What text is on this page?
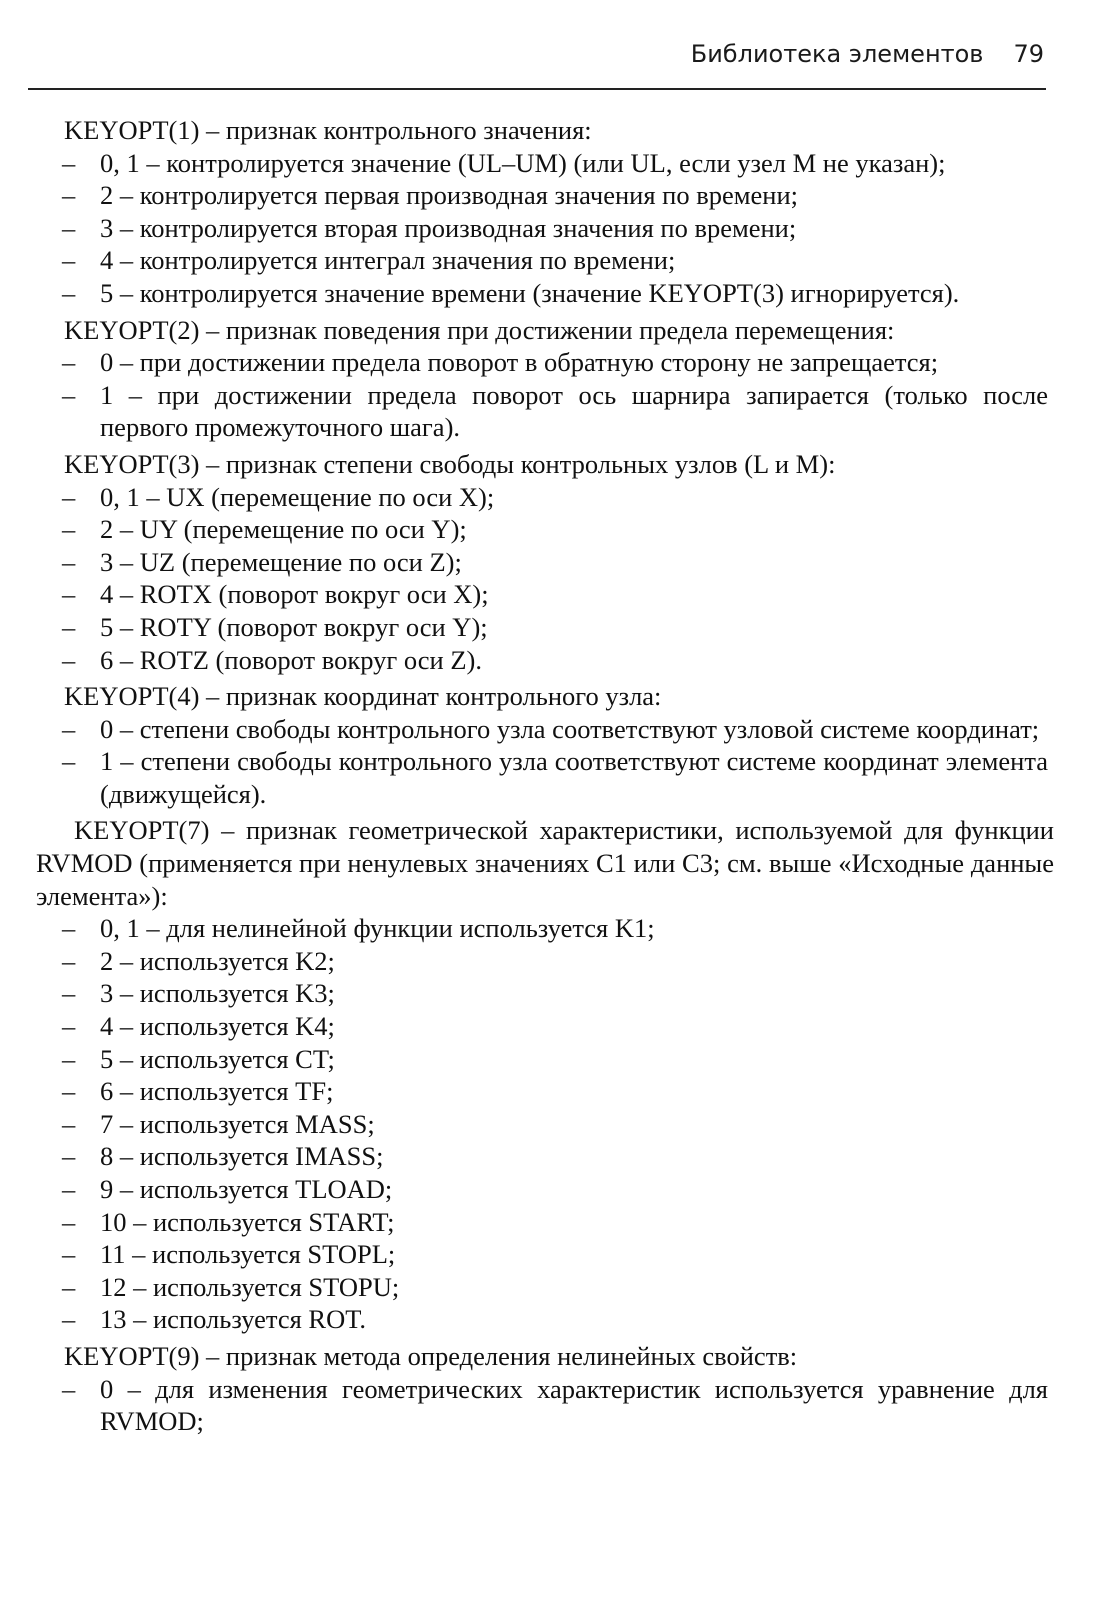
Библиотека элементов 79

KEYOPT(1) – признак контрольного значения:

– 0, 1 – контролируется значение (UL–UM) (или UL, если узел M не указан);

– 2 – контролируется первая производная значения по времени;

– 3 – контролируется вторая производная значения по времени;

– 4 – контролируется интеграл значения по времени;

– 5 – контролируется значение времени (значение KEYOPT(3) игнорируется).

KEYOPT(2) – признак поведения при достижении предела перемещения:

– 0 – при достижении предела поворот в обратную сторону не запрещается;

– 1 – при достижении предела поворот ось шарнира запирается (только после первого промежуточного шага).

KEYOPT(3) – признак степени свободы контрольных узлов (L и M):

– 0, 1 – UX (перемещение по оси X);

– 2 – UY (перемещение по оси Y);

– 3 – UZ (перемещение по оси Z);

– 4 – ROTX (поворот вокруг оси X);

– 5 – ROTY (поворот вокруг оси Y);

– 6 – ROTZ (поворот вокруг оси Z).

KEYOPT(4) – признак координат контрольного узла:

– 0 – степени свободы контрольного узла соответствуют узловой системе координат;

– 1 – степени свободы контрольного узла соответствуют системе координат элемента (движущейся).

KEYOPT(7) – признак геометрической характеристики, используемой для функции RVMOD (применяется при ненулевых значениях C1 или C3; см. выше «Исходные данные элемента»):

– 0, 1 – для нелинейной функции используется K1;

– 2 – используется K2;

– 3 – используется K3;

– 4 – используется K4;

– 5 – используется CT;

– 6 – используется TF;

– 7 – используется MASS;

– 8 – используется IMASS;

– 9 – используется TLOAD;

– 10 – используется START;

– 11 – используется STOPL;

– 12 – используется STOPU;

– 13 – используется ROT.

KEYOPT(9) – признак метода определения нелинейных свойств:

– 0 – для изменения геометрических характеристик используется уравнение для RVMOD;
